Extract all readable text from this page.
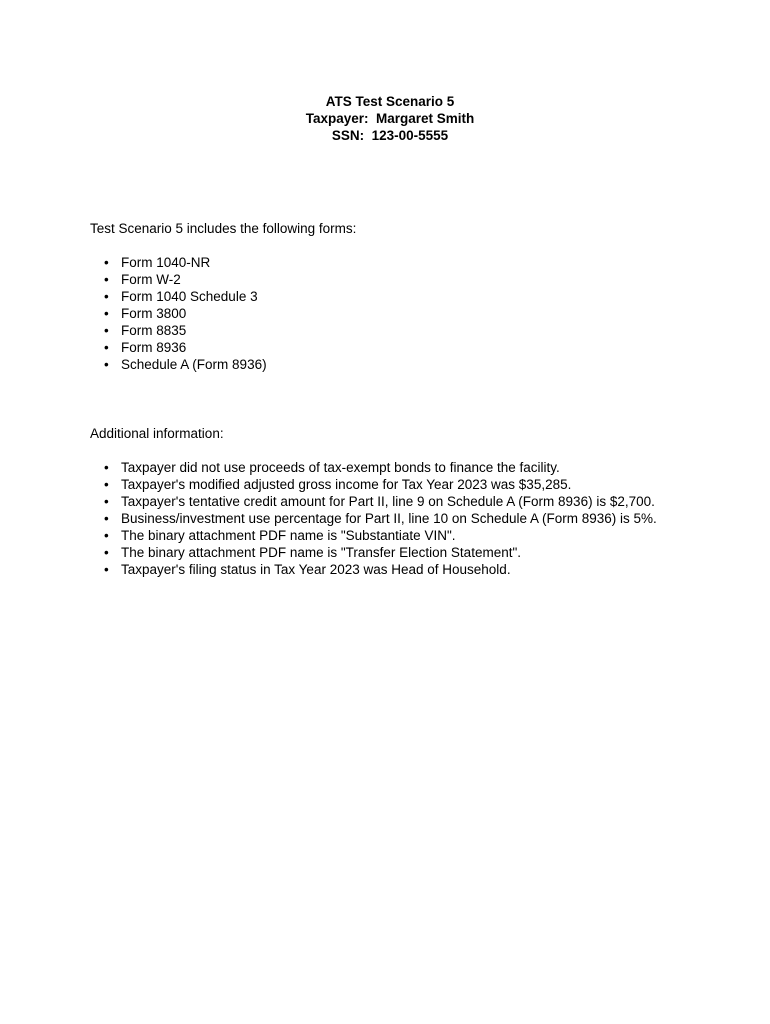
ATS Test Scenario 5
Taxpayer:  Margaret Smith
SSN:  123-00-5555
Test Scenario 5 includes the following forms:
• Form 1040-NR
• Form W-2
• Form 1040 Schedule 3
• Form 3800
• Form 8835
• Form 8936
• Schedule A (Form 8936)
Additional information:
• Taxpayer did not use proceeds of tax-exempt bonds to finance the facility.
• Taxpayer's modified adjusted gross income for Tax Year 2023 was $35,285.
• Taxpayer's tentative credit amount for Part II, line 9 on Schedule A (Form 8936) is $2,700.
• Business/investment use percentage for Part II, line 10 on Schedule A (Form 8936) is 5%.
• The binary attachment PDF name is "Substantiate VIN".
• The binary attachment PDF name is "Transfer Election Statement".
• Taxpayer's filing status in Tax Year 2023 was Head of Household.
